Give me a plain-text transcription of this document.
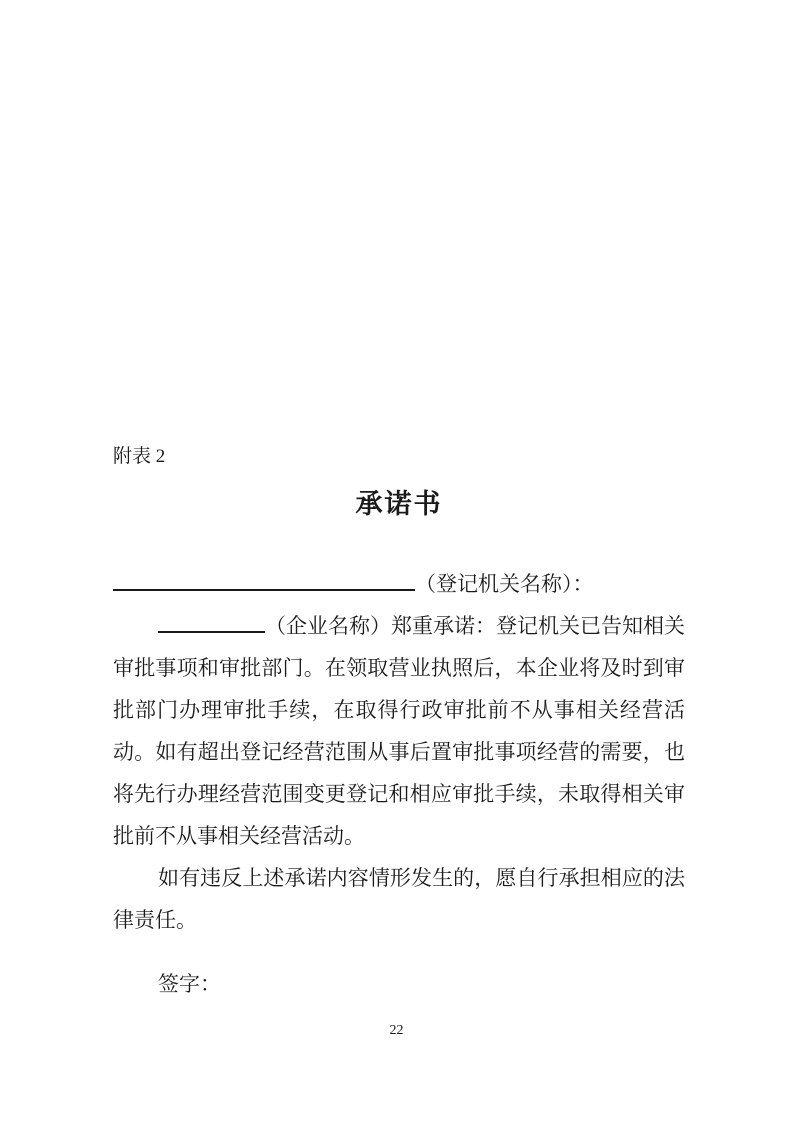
附表 2
承诺书

（登记机关名称）：

（企业名称）郑重承诺：登记机关已告知相关审批事项和审批部门。在领取营业执照后，本企业将及时到审批部门办理审批手续，在取得行政审批前不从事相关经营活动。如有超出登记经营范围从事后置审批事项经营的需要，也将先行办理经营范围变更登记和相应审批手续，未取得相关审批前不从事相关经营活动。

如有违反上述承诺内容情形发生的，愿自行承担相应的法律责任。

签字：

22
